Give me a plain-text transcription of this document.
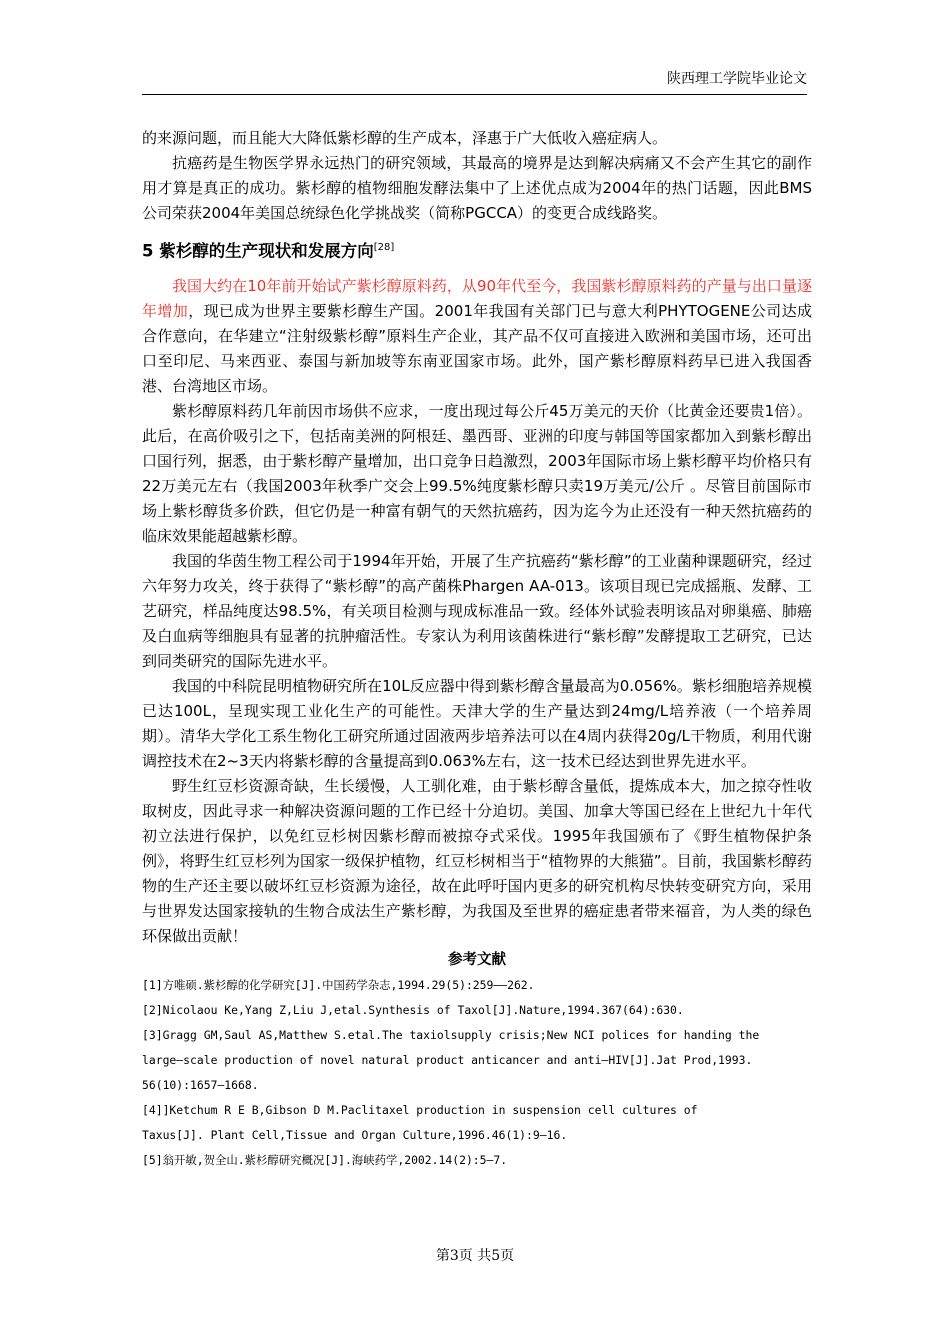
陕西理工学院毕业论文

的来源问题，而且能大大降低紫杉醇的生产成本，泽惠于广大低收入癌症病人。

抗癌药是生物医学界永远热门的研究领域，其最高的境界是达到解决病痛又不会产生其它的副作用才算是真正的成功。紫杉醇的植物细胞发酵法集中了上述优点成为2004年的热门话题，因此BMS公司荣获2004年美国总统绿色化学挑战奖（简称PGCCA）的变更合成线路奖。

5 紫杉醇的生产现状和发展方向[28]

我国大约在10年前开始试产紫杉醇原料药，从90年代至今，我国紫杉醇原料药的产量与出口量逐年增加，现已成为世界主要紫杉醇生产国。2001年我国有关部门已与意大利PHYTOGENE公司达成合作意向，在华建立“注射级紫杉醇”原料生产企业，其产品不仅可直接进入欧洲和美国市场，还可出口至印尼、马来西亚、泰国与新加坡等东南亚国家市场。此外，国产紫杉醇原料药早已进入我国香港、台湾地区市场。

紫杉醇原料药几年前因市场供不应求，一度出现过每公斤45万美元的天价（比黄金还要贵1倍）。此后，在高价吸引之下，包括南美洲的阿根廷、墨西哥、亚洲的印度与韩国等国家都加入到紫杉醇出口国行列，据悉，由于紫杉醇产量增加，出口竞争日趋激烈，2003年国际市场上紫杉醇平均价格只有22万美元左右（我国2003年秋季广交会上99.5%纯度紫杉醇只卖19万美元/公斤 。尽管目前国际市场上紫杉醇货多价跌，但它仍是一种富有朝气的天然抗癌药，因为迄今为止还没有一种天然抗癌药的临床效果能超越紫杉醇。

我国的华茵生物工程公司于1994年开始，开展了生产抗癌药“紫杉醇”的工业菌种课题研究，经过六年努力攻关，终于获得了“紫杉醇”的高产菌株Phargen AA-013。该项目现已完成摇瓶、发酵、工艺研究，样品纯度达98.5%，有关项目检测与现成标准品一致。经体外试验表明该品对卵巢癌、肺癌及白血病等细胞具有显著的抗肿瘤活性。专家认为利用该菌株进行“紫杉醇”发酵提取工艺研究，已达到同类研究的国际先进水平。

我国的中科院昆明植物研究所在10L反应器中得到紫杉醇含量最高为0.056%。紫杉细胞培养规模已达100L，呈现实现工业化生产的可能性。天津大学的生产量达到24mg/L培养液（一个培养周期）。清华大学化工系生物化工研究所通过固液两步培养法可以在4周内获得20g/L干物质，利用代谢调控技术在2~3天内将紫杉醇的含量提高到0.063%左右，这一技术已经达到世界先进水平。

野生红豆杉资源奇缺，生长缓慢，人工驯化难，由于紫杉醇含量低，提炼成本大，加之掠夺性收取树皮，因此寻求一种解决资源问题的工作已经十分迫切。美国、加拿大等国已经在上世纪九十年代初立法进行保护，以免红豆杉树因紫杉醇而被掠夺式采伐。1995年我国颁布了《野生植物保护条例》，将野生红豆杉列为国家一级保护植物，红豆杉树相当于“植物界的大熊猫”。目前，我国紫杉醇药物的生产还主要以破坏红豆杉资源为途径，故在此呼吁国内更多的研究机构尽快转变研究方向，采用与世界发达国家接轨的生物合成法生产紫杉醇，为我国及至世界的癌症患者带来福音，为人类的绿色环保做出贡献！

参考文献
[1]方唯硕.紫杉醇的化学研究[J].中国药学杂志,1994.29(5):259——262.
[2]Nicolaou Ke,Yang Z,Liu J,etal.Synthesis of Taxol[J].Nature,1994.367(64):630.
[3]Gragg GM,Saul AS,Matthew S.etal.The taxiolsupply crisis;New NCI polices for handing the
large—scale production of novel natural product anticancer and anti—HIV[J].Jat Prod,1993.
56(10):1657—1668.
[4]]Ketchum R E B,Gibson D M.Paclitaxel production in suspension cell cultures of
Taxus[J]. Plant Cell,Tissue and Organ Culture,1996.46(1):9—16.
[5]翁开敏,贺全山.紫杉醇研究概况[J].海峡药学,2002.14(2):5—7.
第3页 共5页
